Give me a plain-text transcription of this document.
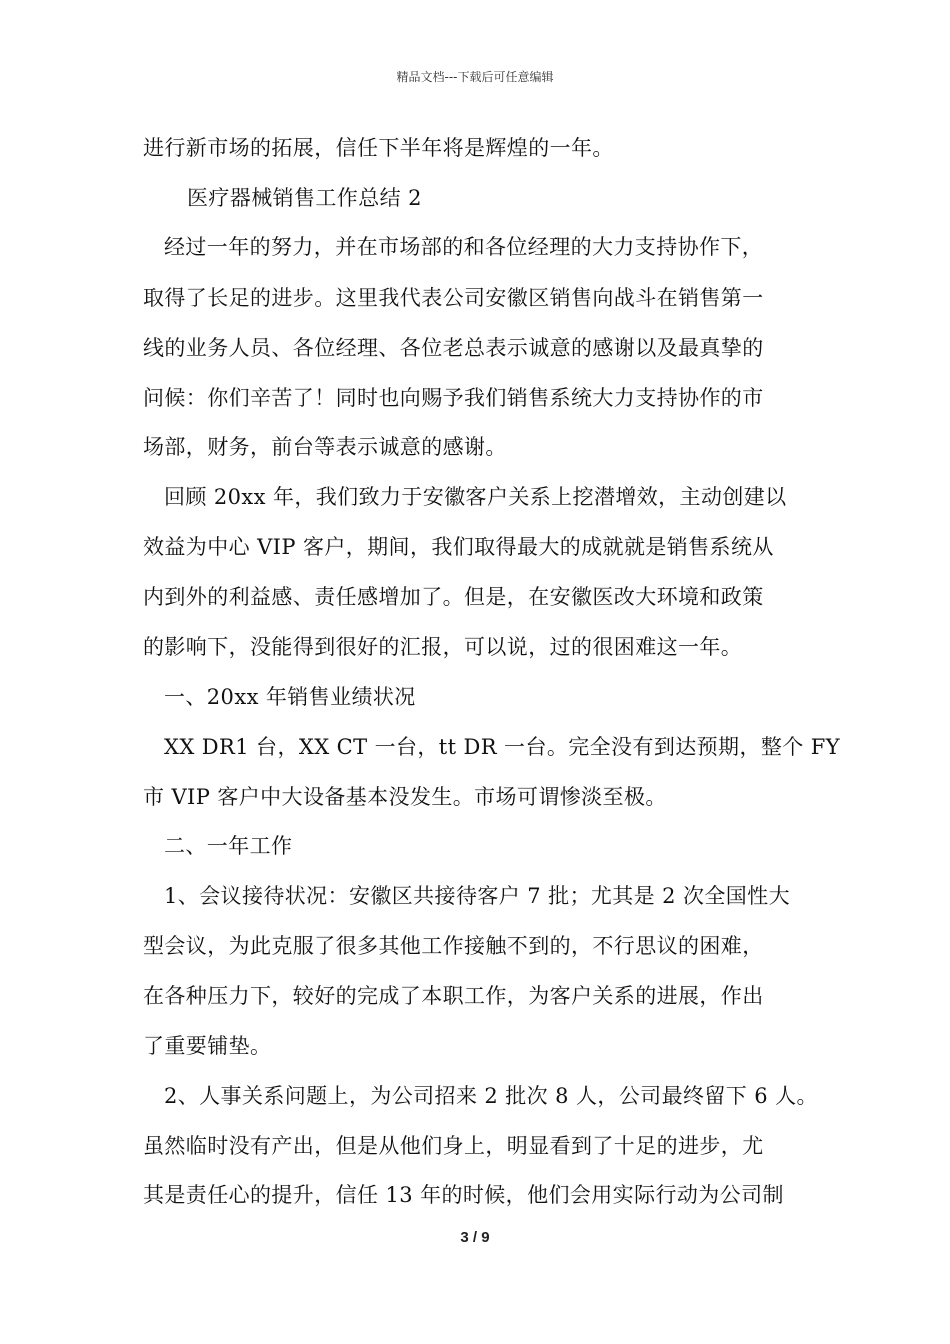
精品文档---下载后可任意编辑
进行新市场的拓展，信任下半年将是辉煌的一年。
医疗器械销售工作总结 2
经过一年的努力，并在市场部的和各位经理的大力支持协作下，
取得了长足的进步。这里我代表公司安徽区销售向战斗在销售第一
线的业务人员、各位经理、各位老总表示诚意的感谢以及最真挚的
问候：你们辛苦了！同时也向赐予我们销售系统大力支持协作的市
场部，财务，前台等表示诚意的感谢。
回顾 20xx 年，我们致力于安徽客户关系上挖潜增效，主动创建以
效益为中心 VIP 客户，期间，我们取得最大的成就就是销售系统从
内到外的利益感、责任感增加了。但是，在安徽医改大环境和政策
的影响下，没能得到很好的汇报，可以说，过的很困难这一年。
一、20xx 年销售业绩状况
XX DR1 台，XX CT 一台，tt DR 一台。完全没有到达预期，整个 FY
市 VIP 客户中大设备基本没发生。市场可谓惨淡至极。
二、一年工作
1、会议接待状况：安徽区共接待客户 7 批；尤其是 2 次全国性大
型会议，为此克服了很多其他工作接触不到的，不行思议的困难，
在各种压力下，较好的完成了本职工作，为客户关系的进展，作出
了重要铺垫。
2、人事关系问题上，为公司招来 2 批次 8 人，公司最终留下 6 人。
虽然临时没有产出，但是从他们身上，明显看到了十足的进步，尤
其是责任心的提升，信任 13 年的时候，他们会用实际行动为公司制
3 / 9
